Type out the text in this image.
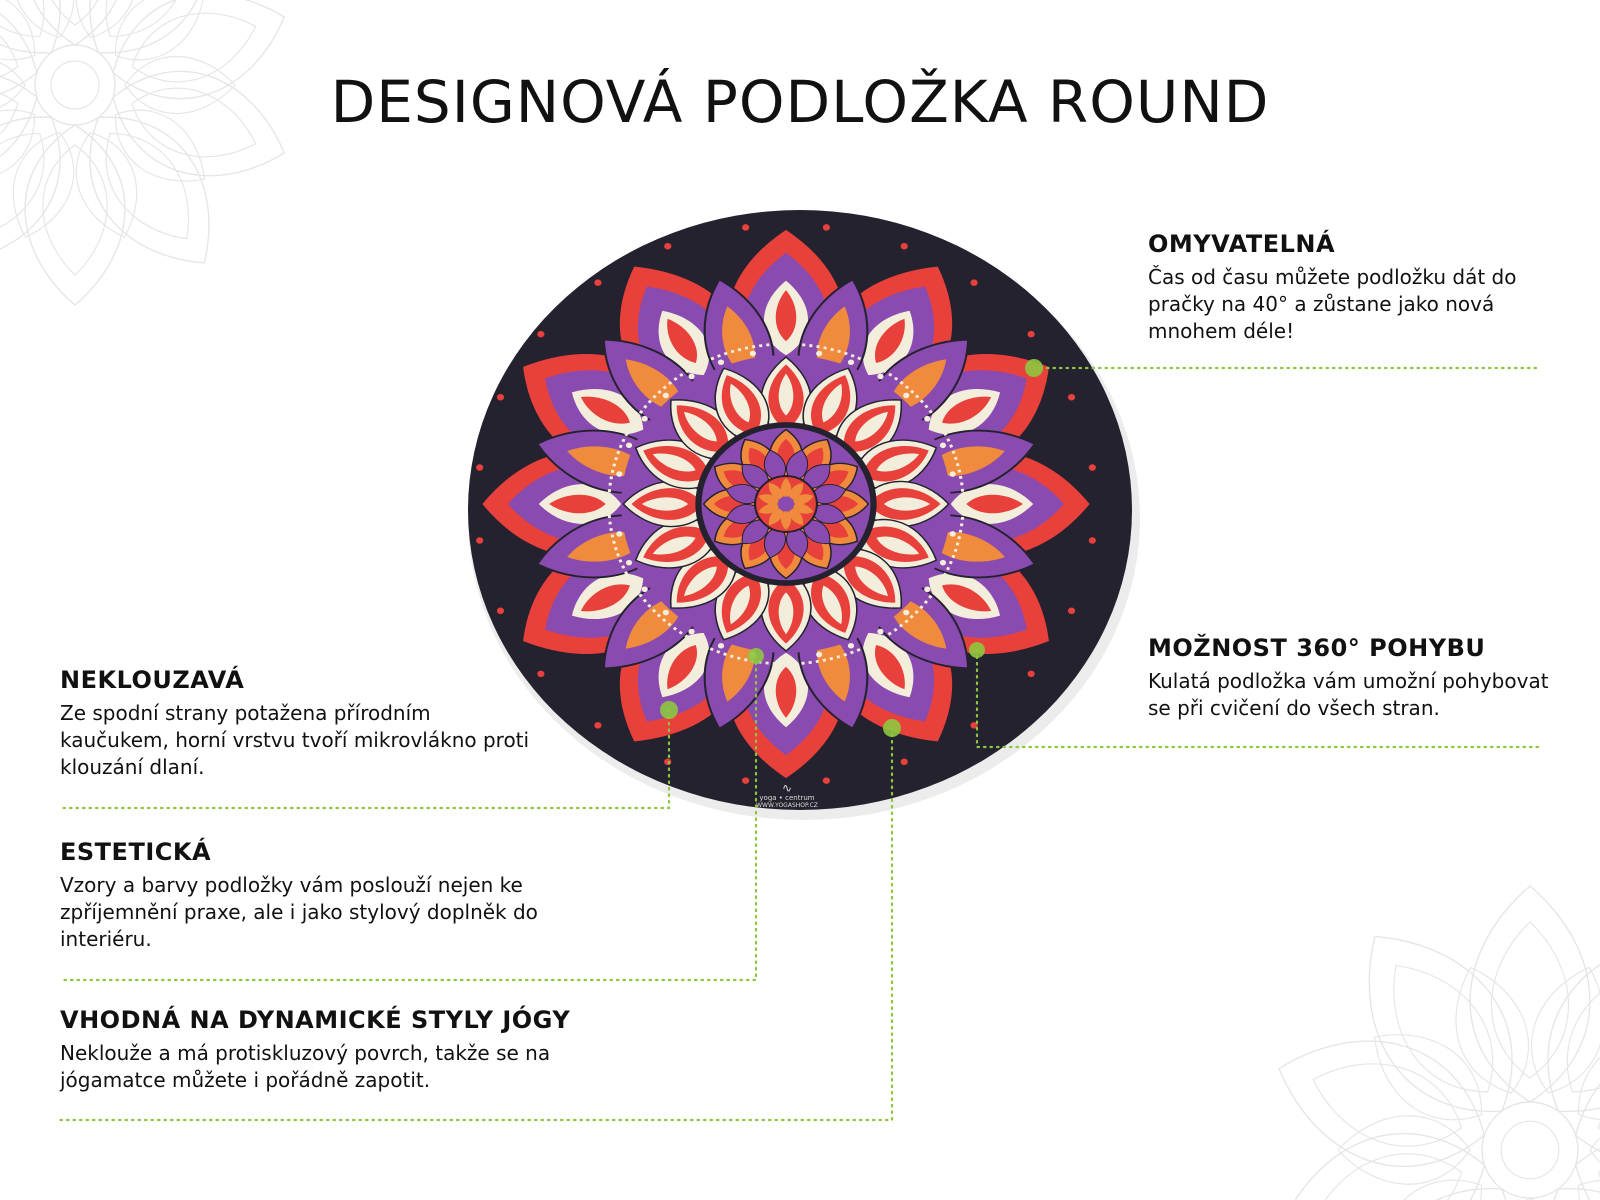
DESIGNOVÁ PODLOŽKA ROUND
∿
yoga • centrum
WWW.YOGASHOP.CZ
OMYVATELNÁ

Čas od času můžete podložku dát do pračky na 40° a zůstane jako nová mnohem déle!

MOŽNOST 360° POHYBU

Kulatá podložka vám umožní pohybovat se při cvičení do všech stran.

NEKLOUZAVÁ

Ze spodní strany potažena přírodním kaučukem, horní vrstvu tvoří mikrovlákno proti klouzání dlaní.

ESTETICKÁ

Vzory a barvy podložky vám poslouží nejen ke zpříjemnění praxe, ale i jako stylový doplněk do interiéru.

VHODNÁ NA DYNAMICKÉ STYLY JÓGY

Neklouže a má protiskluzový povrch, takže se na jógamatce můžete i pořádně zapotit.
